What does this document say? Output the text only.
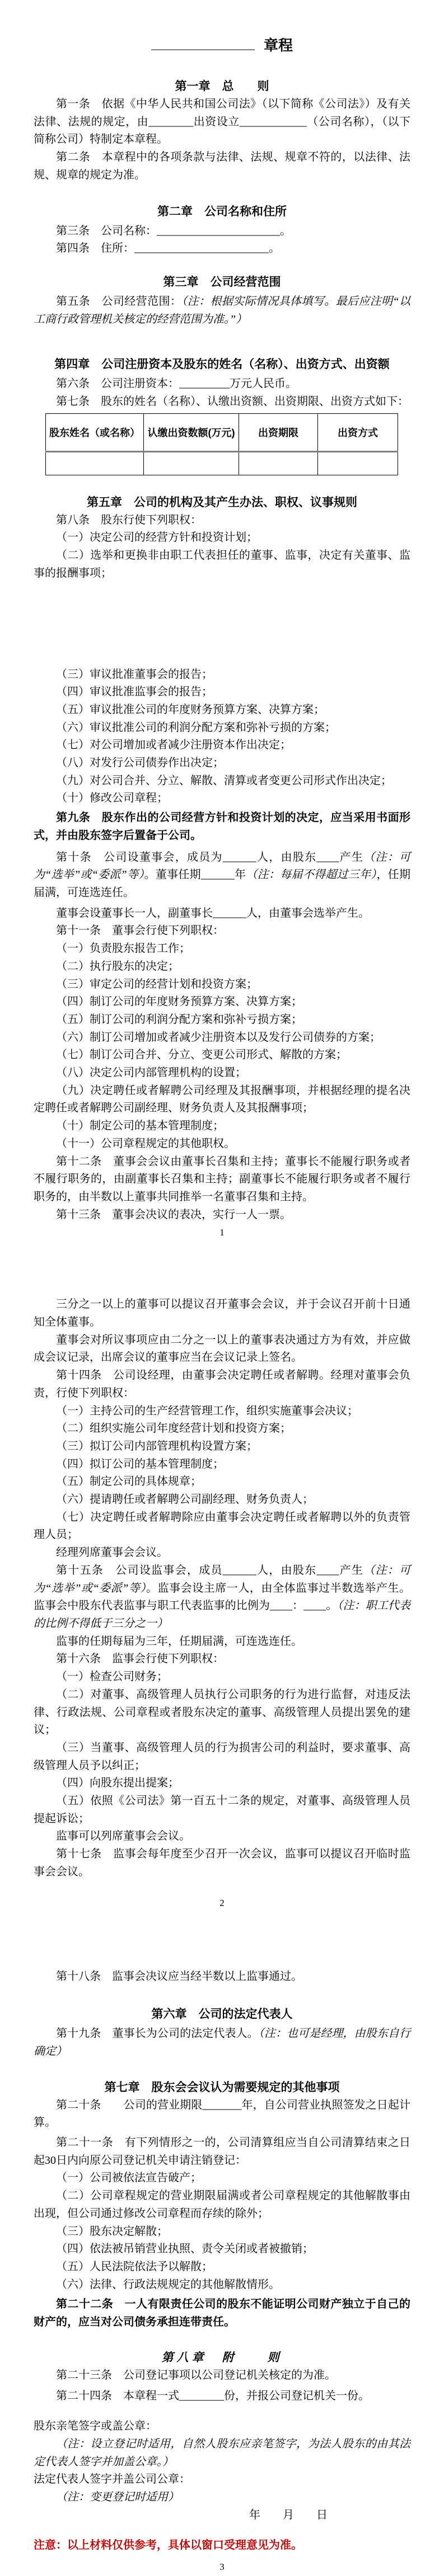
章程

第一章　总　　则

第一条　依据《中华人民共和国公司法》（以下简称《公司法》）及有关法律、法规的规定，由________出资设立____________（公司名称），（以下简称公司）特制定本章程。

第二条　本章程中的各项条款与法律、法规、规章不符的，以法律、法规、规章的规定为准。

第二章　公司名称和住所

第三条　公司名称：______________________。

第四条　住所：________________________。

第三章　公司经营范围

第五条　公司经营范围：（注：根据实际情况具体填写。最后应注明“以工商行政管理机关核定的经营范围为准。”）

第四章　公司注册资本及股东的姓名（名称）、出资方式、出资额

第六条　公司注册资本：_________万元人民币。

第七条　股东的姓名（名称）、认缴出资额、出资期限、出资方式如下：

股东姓名（或名称）	认缴出资数额(万元)	出资期限	出资方式

第五章　公司的机构及其产生办法、职权、议事规则

第八条　股东行使下列职权：

（一）决定公司的经营方针和投资计划；

（二）选举和更换非由职工代表担任的董事、监事，决定有关董事、监事的报酬事项；

（三）审议批准董事会的报告；

（四）审议批准监事会的报告；

（五）审议批准公司的年度财务预算方案、决算方案；

（六）审议批准公司的利润分配方案和弥补亏损的方案；

（七）对公司增加或者减少注册资本作出决定；

（八）对发行公司债券作出决定；

（九）对公司合并、分立、解散、清算或者变更公司形式作出决定；

（十）修改公司章程；

第九条　股东作出的公司经营方针和投资计划的决定，应当采用书面形式，并由股东签字后置备于公司。

第十条　公司设董事会，成员为______人，由股东____产生（注：可为“选举”或“委派”等）。董事任期______年（注：每届不得超过三年），任期届满，可连选连任。

董事会设董事长一人，副董事长______人，由董事会选举产生。

第十一条　董事会行使下列职权：

（一）负责股东报告工作；

（二）执行股东的决定；

（三）审定公司的经营计划和投资方案；

（四）制订公司的年度财务预算方案、决算方案；

（五）制订公司的利润分配方案和弥补亏损方案；

（六）制订公司增加或者减少注册资本以及发行公司债券的方案；

（七）制订公司合并、分立、变更公司形式、解散的方案；

（八）决定公司内部管理机构的设置；

（九）决定聘任或者解聘公司经理及其报酬事项，并根据经理的提名决定聘任或者解聘公司副经理、财务负责人及其报酬事项；

（十）制定公司的基本管理制度；

（十一）公司章程规定的其他职权。

第十二条　董事会会议由董事长召集和主持；董事长不能履行职务或者不履行职务的，由副董事长召集和主持；副董事长不能履行职务或者不履行职务的，由半数以上董事共同推举一名董事召集和主持。

第十三条　董事会决议的表决，实行一人一票。

1

三分之一以上的董事可以提议召开董事会会议，并于会议召开前十日通知全体董事。

董事会对所议事项应由二分之一以上的董事表决通过方为有效，并应做成会议记录，出席会议的董事应当在会议记录上签名。

第十四条　公司设经理，由董事会决定聘任或者解聘。经理对董事会负责，行使下列职权：

（一）主持公司的生产经营管理工作，组织实施董事会决议；

（二）组织实施公司年度经营计划和投资方案；

（三）拟订公司内部管理机构设置方案；

（四）拟订公司的基本管理制度；

（五）制定公司的具体规章；

（六）提请聘任或者解聘公司副经理、财务负责人；

（七）决定聘任或者解聘除应由董事会决定聘任或者解聘以外的负责管理人员；

经理列席董事会会议。

第十五条　公司设监事会，成员______人，由股东____产生（注：可为“选举”或“委派”等）。监事会设主席一人，由全体监事过半数选举产生。监事会中股东代表监事与职工代表监事的比例为____：____。（注：职工代表的比例不得低于三分之一）

监事的任期每届为三年，任期届满，可连选连任。

第十六条　监事会行使下列职权：

（一）检查公司财务；

（二）对董事、高级管理人员执行公司职务的行为进行监督，对违反法律、行政法规、公司章程或者股东决定的董事、高级管理人员提出罢免的建议；

（三）当董事、高级管理人员的行为损害公司的利益时，要求董事、高级管理人员予以纠正；

（四）向股东提出提案；

（五）依照《公司法》第一百五十二条的规定，对董事、高级管理人员提起诉讼；

监事可以列席董事会会议。

第十七条　监事会每年度至少召开一次会议，监事可以提议召开临时监事会会议。

2

第十八条　监事会决议应当经半数以上监事通过。

第六章　公司的法定代表人

第十九条　董事长为公司的法定代表人。（注：也可是经理，由股东自行确定）

第七章　股东会会议认为需要规定的其他事项

第二十条　　公司的营业期限_______年，自公司营业执照签发之日起计算。

第二十一条　有下列情形之一的，公司清算组应当自公司清算结束之日起30日内向原公司登记机关申请注销登记：

（一）公司被依法宣告破产；

（二）公司章程规定的营业期限届满或者公司章程规定的其他解散事由出现，但公司通过修改公司章程而存续的除外；

（三）股东决定解散；

（四）依法被吊销营业执照、责令关闭或者被撤销；

（五）人民法院依法予以解散；

（六）法律、行政法规规定的其他解散情形。

第二十二条　一人有限责任公司的股东不能证明公司财产独立于自己的财产的，应当对公司债务承担连带责任。

第八章　附　　则

第二十三条　公司登记事项以公司登记机关核定的为准。

第二十四条　本章程一式________份，并报公司登记机关一份。

股东亲笔签字或盖公章：

（注：设立登记时适用，自然人股东应亲笔签字，为法人股东的由其法定代表人签字并加盖公章。）

法定代表人签字并盖公司公章：

（注：变更登记时适用）

年　　月　　日

注意：以上材料仅供参考，具体以窗口受理意见为准。

3
